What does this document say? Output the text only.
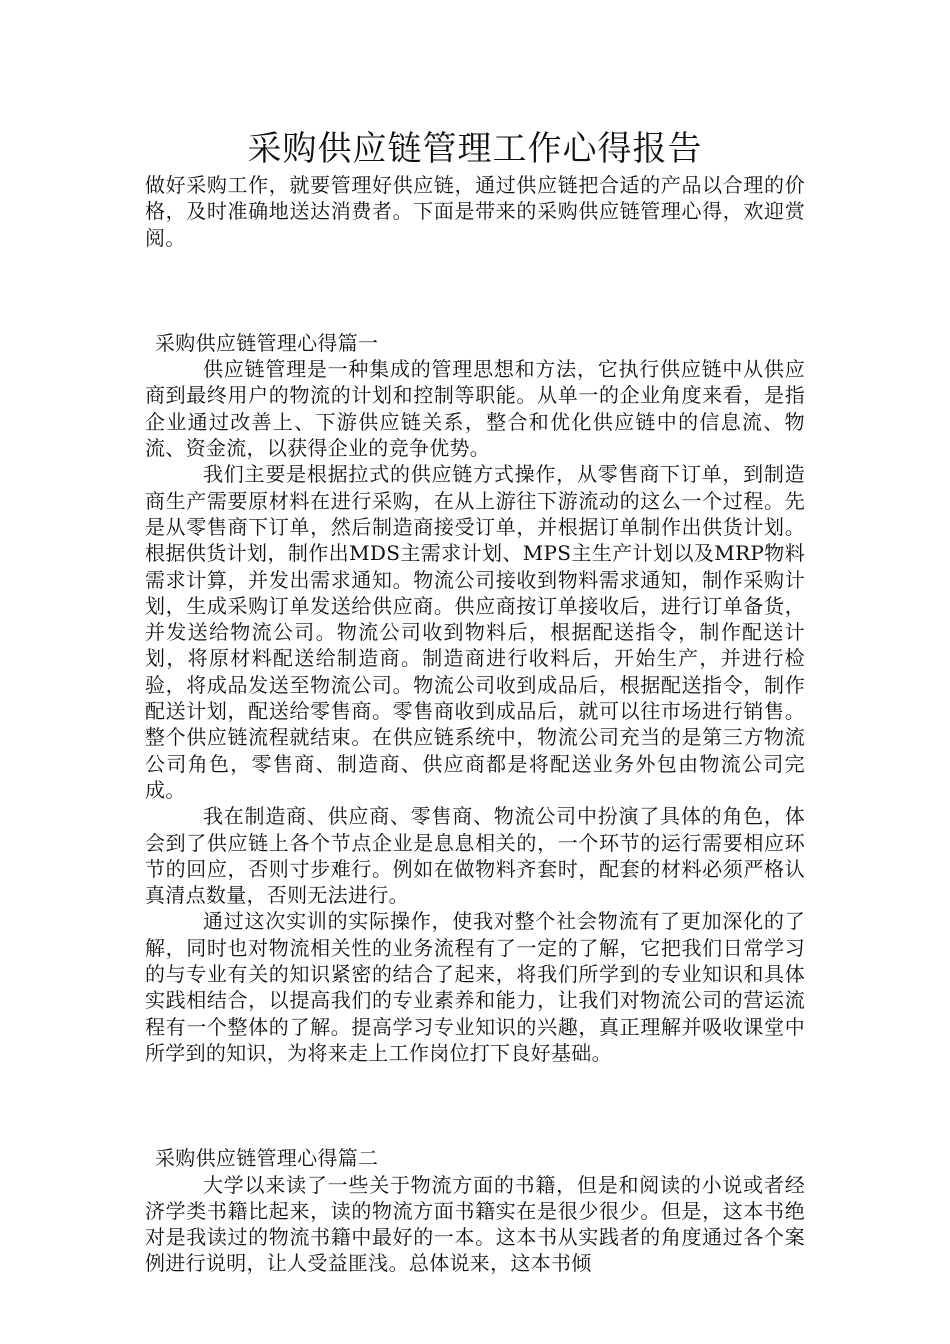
采购供应链管理工作心得报告

做好采购工作，就要管理好供应链，通过供应链把合适的产品以合理的价格，及时准确地送达消费者。下面是带来的采购供应链管理心得，欢迎赏阅。

采购供应链管理心得篇一

供应链管理是一种集成的管理思想和方法，它执行供应链中从供应商到最终用户的物流的计划和控制等职能。从单一的企业角度来看，是指企业通过改善上、下游供应链关系，整合和优化供应链中的信息流、物流、资金流，以获得企业的竞争优势。

我们主要是根据拉式的供应链方式操作，从零售商下订单，到制造商生产需要原材料在进行采购，在从上游往下游流动的这么一个过程。先是从零售商下订单，然后制造商接受订单，并根据订单制作出供货计划。根据供货计划，制作出MDS主需求计划、MPS主生产计划以及MRP物料需求计算，并发出需求通知。物流公司接收到物料需求通知，制作采购计划，生成采购订单发送给供应商。供应商按订单接收后，进行订单备货，并发送给物流公司。物流公司收到物料后，根据配送指令，制作配送计划，将原材料配送给制造商。制造商进行收料后，开始生产，并进行检验，将成品发送至物流公司。物流公司收到成品后，根据配送指令，制作配送计划，配送给零售商。零售商收到成品后，就可以往市场进行销售。整个供应链流程就结束。在供应链系统中，物流公司充当的是第三方物流公司角色，零售商、制造商、供应商都是将配送业务外包由物流公司完成。

我在制造商、供应商、零售商、物流公司中扮演了具体的角色，体会到了供应链上各个节点企业是息息相关的，一个环节的运行需要相应环节的回应，否则寸步难行。例如在做物料齐套时，配套的材料必须严格认真清点数量，否则无法进行。

通过这次实训的实际操作，使我对整个社会物流有了更加深化的了解，同时也对物流相关性的业务流程有了一定的了解，它把我们日常学习的与专业有关的知识紧密的结合了起来，将我们所学到的专业知识和具体实践相结合，以提高我们的专业素养和能力，让我们对物流公司的营运流程有一个整体的了解。提高学习专业知识的兴趣，真正理解并吸收课堂中所学到的知识，为将来走上工作岗位打下良好基础。

采购供应链管理心得篇二

大学以来读了一些关于物流方面的书籍，但是和阅读的小说或者经济学类书籍比起来，读的物流方面书籍实在是很少很少。但是，这本书绝对是我读过的物流书籍中最好的一本。这本书从实践者的角度通过各个案例进行说明，让人受益匪浅。总体说来，这本书倾
